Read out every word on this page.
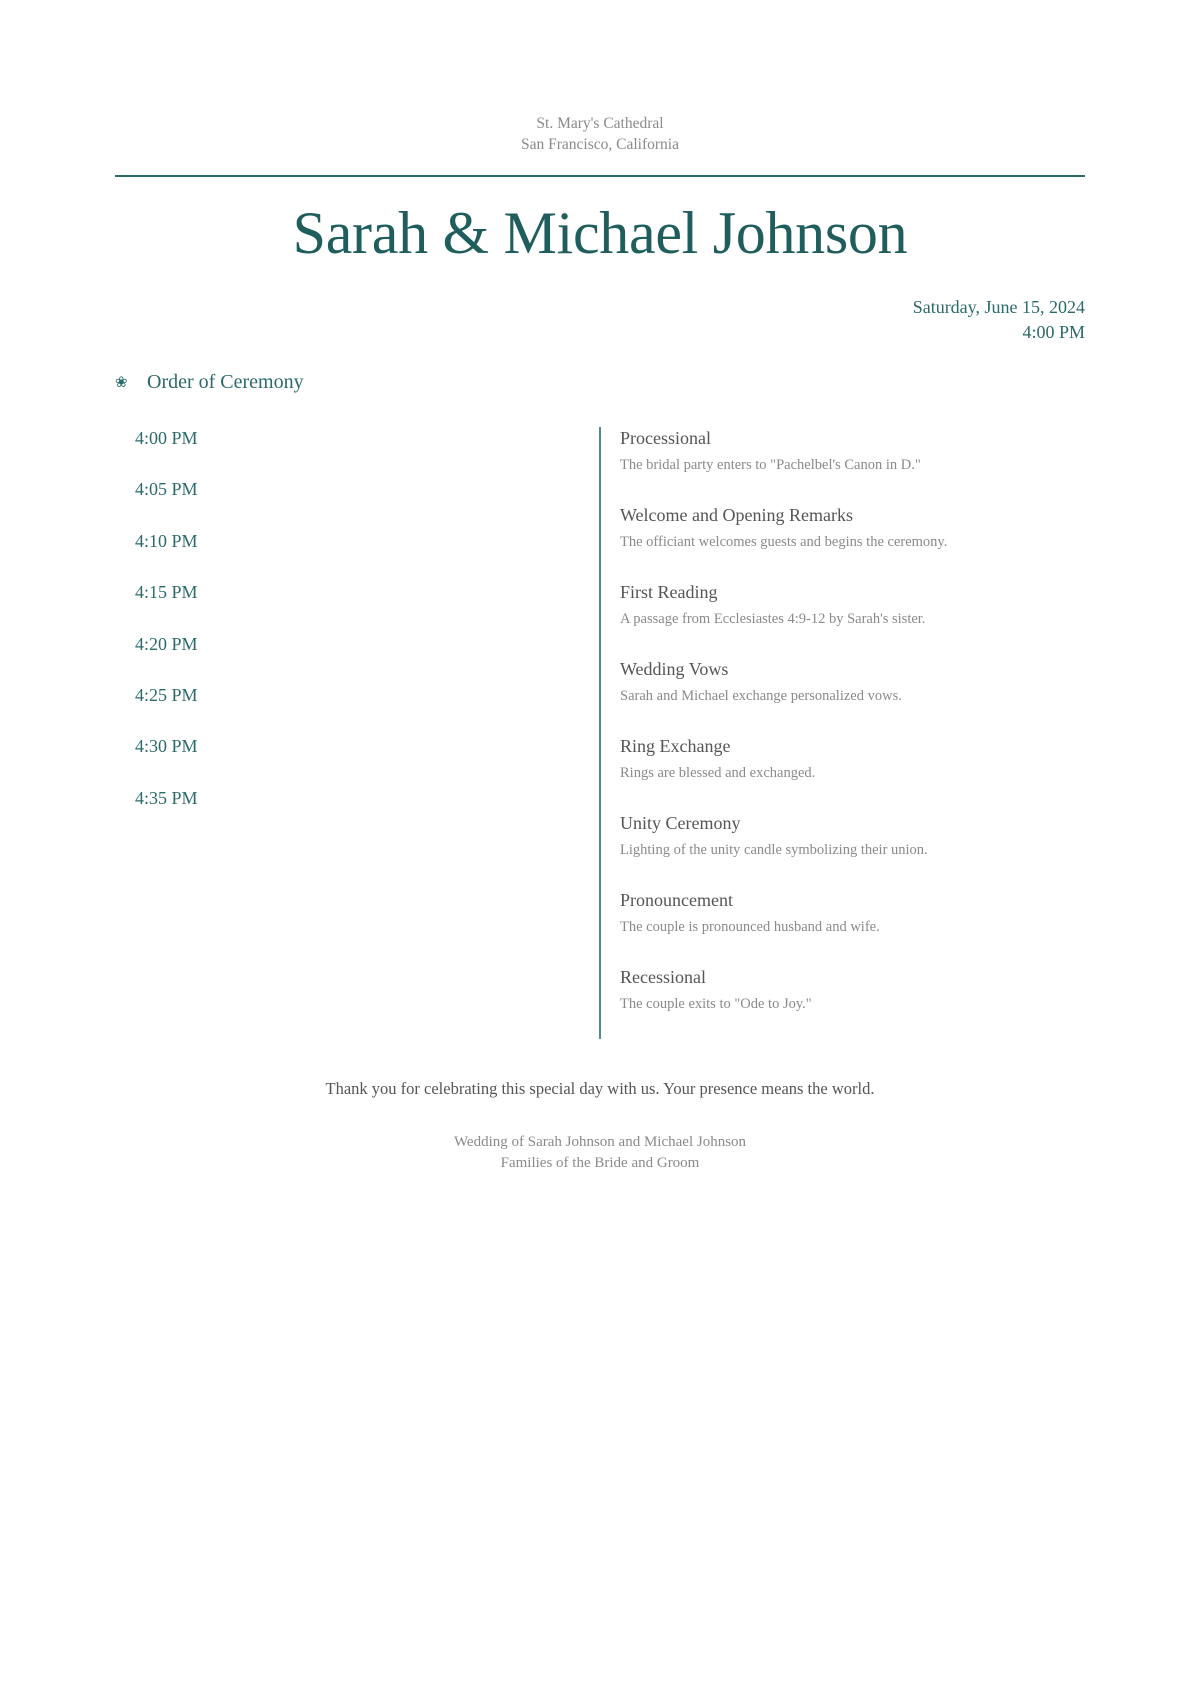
St. Mary's Cathedral
San Francisco, California
Sarah & Michael Johnson
Saturday, June 15, 2024
4:00 PM
❀ Order of Ceremony
4:00 PM
4:05 PM
4:10 PM
4:15 PM
4:20 PM
4:25 PM
4:30 PM
4:35 PM
Processional
The bridal party enters to "Pachelbel's Canon in D."
Welcome and Opening Remarks
The officiant welcomes guests and begins the ceremony.
First Reading
A passage from Ecclesiastes 4:9-12 by Sarah's sister.
Wedding Vows
Sarah and Michael exchange personalized vows.
Ring Exchange
Rings are blessed and exchanged.
Unity Ceremony
Lighting of the unity candle symbolizing their union.
Pronouncement
The couple is pronounced husband and wife.
Recessional
The couple exits to "Ode to Joy."
Thank you for celebrating this special day with us. Your presence means the world.
Wedding of Sarah Johnson and Michael Johnson
Families of the Bride and Groom
